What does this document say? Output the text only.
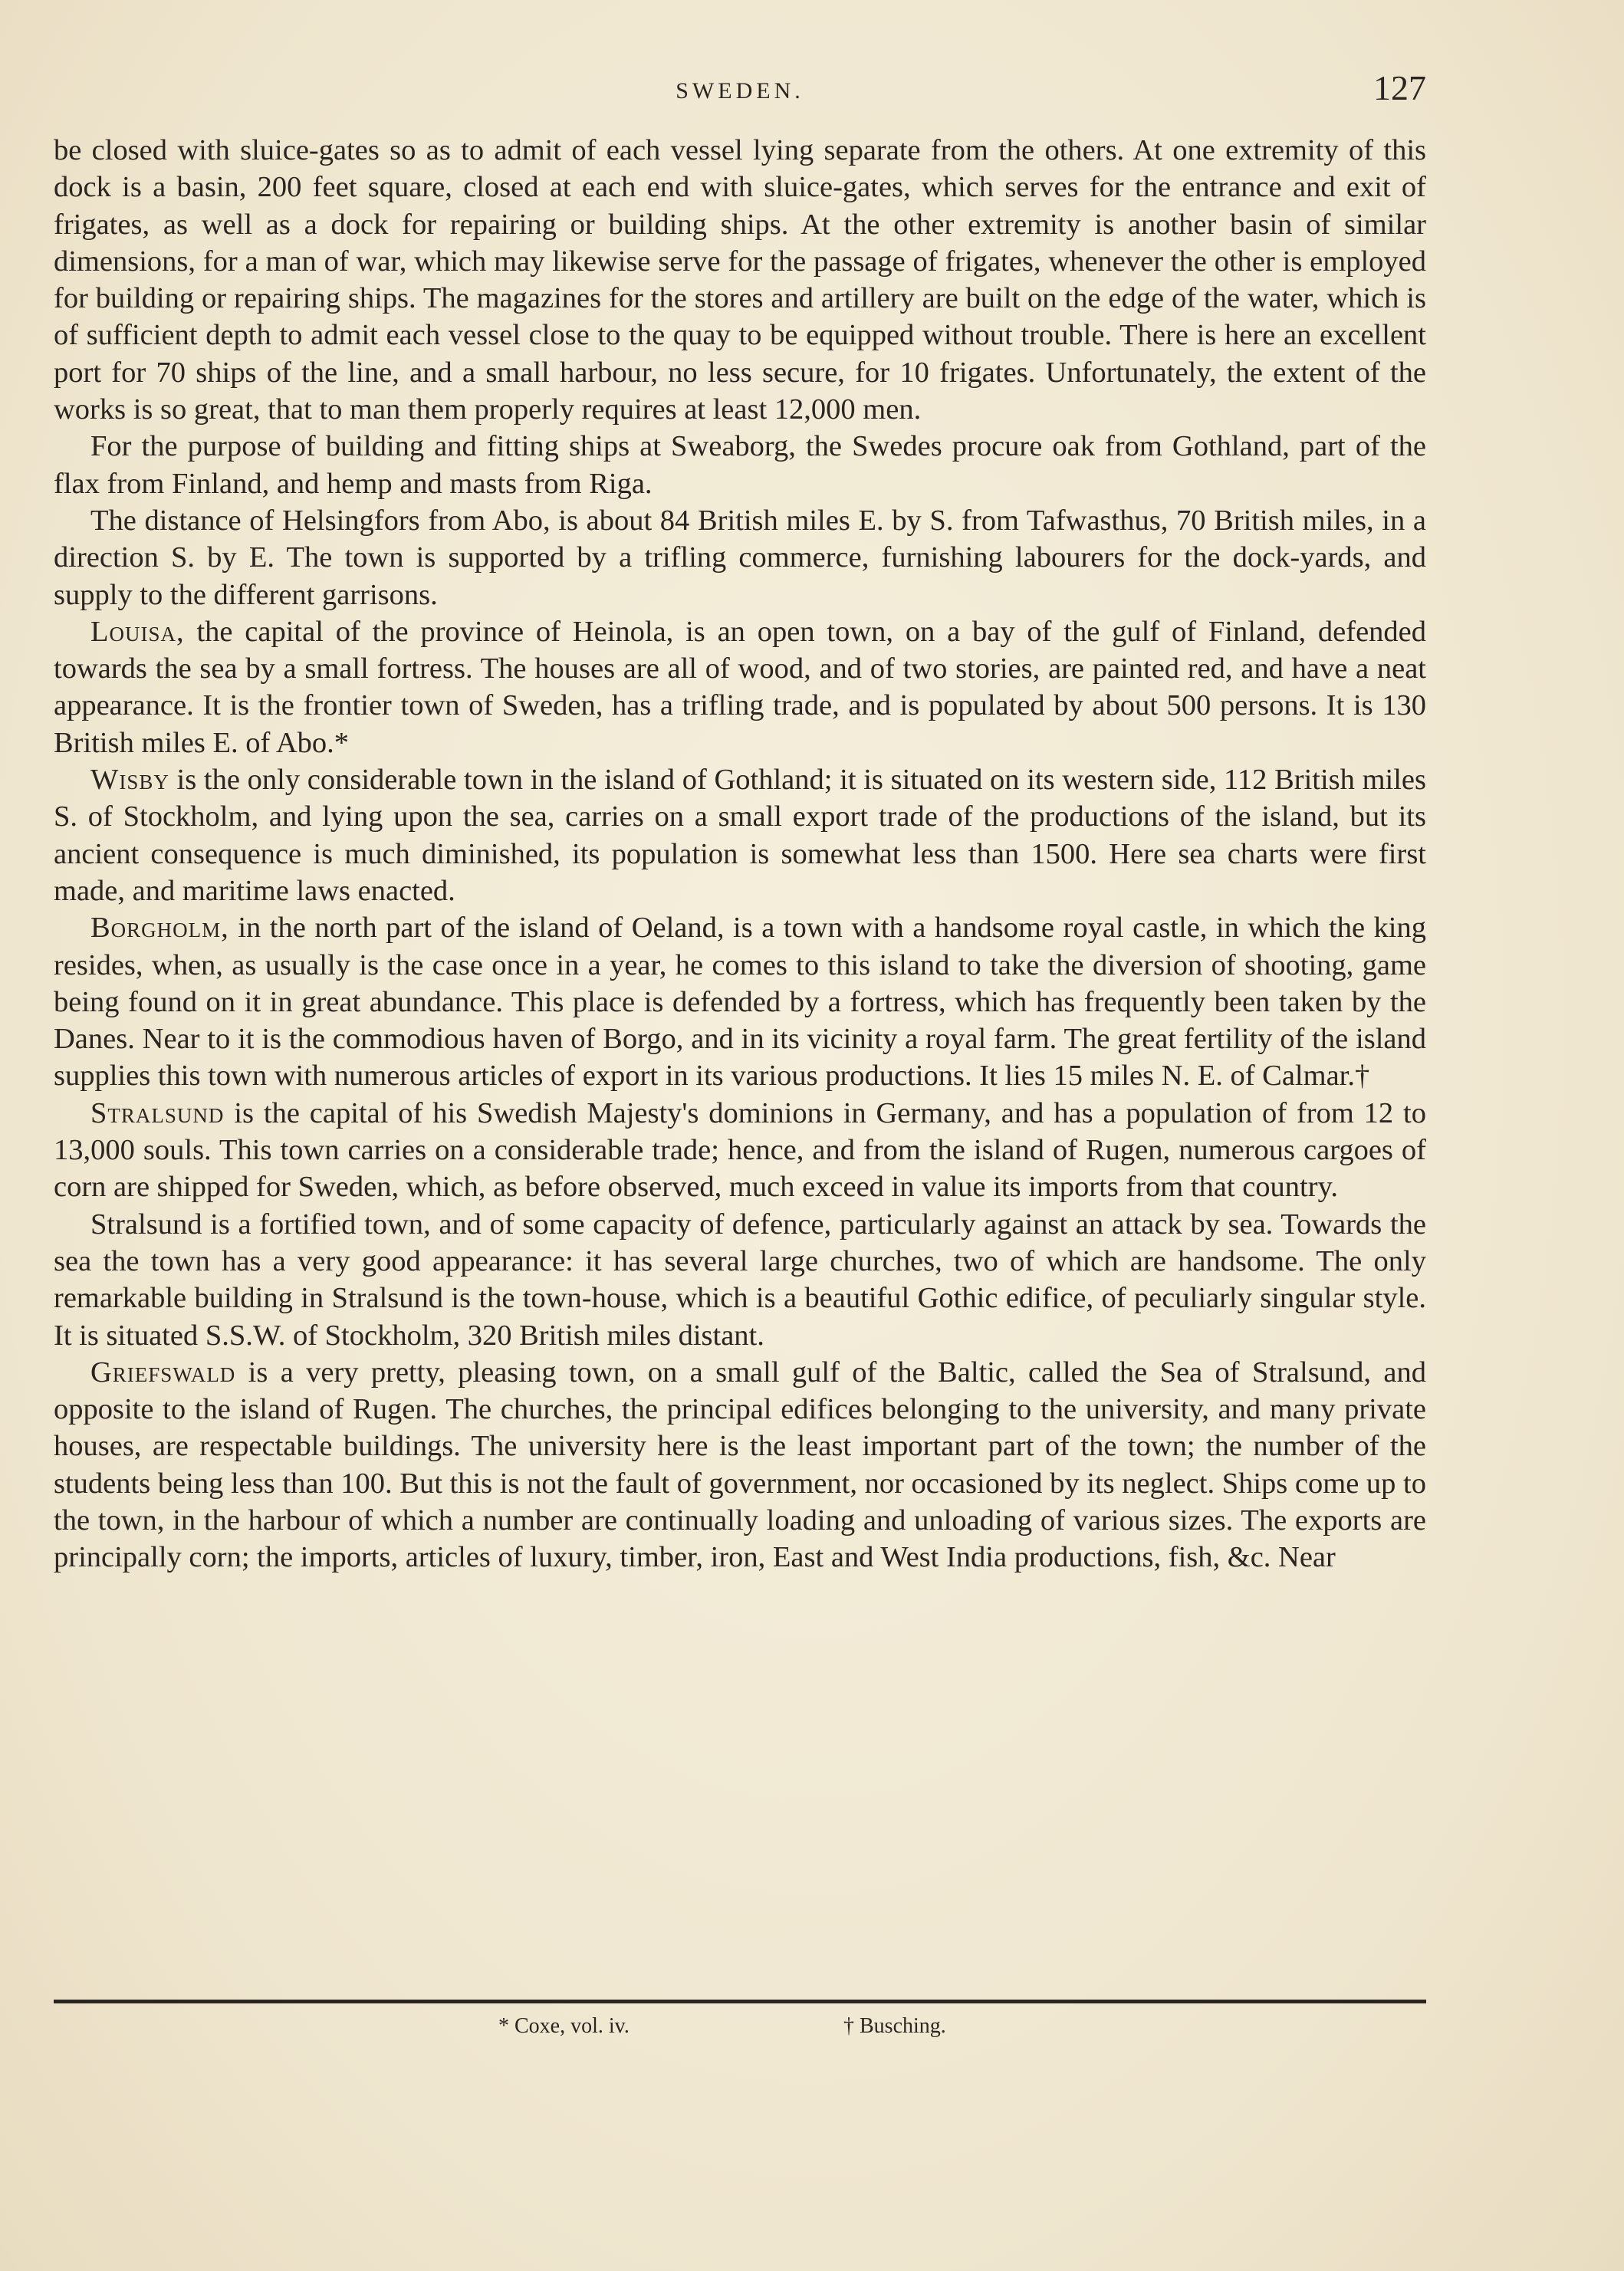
SWEDEN.	127

be closed with sluice-gates so as to admit of each vessel lying separate from the others. At one extremity of this dock is a basin, 200 feet square, closed at each end with sluice-gates, which serves for the entrance and exit of frigates, as well as a dock for repairing or building ships. At the other extremity is another basin of similar dimensions, for a man of war, which may likewise serve for the passage of frigates, whenever the other is employed for building or repairing ships. The magazines for the stores and artillery are built on the edge of the water, which is of sufficient depth to admit each vessel close to the quay to be equipped without trouble. There is here an excellent port for 70 ships of the line, and a small harbour, no less secure, for 10 frigates. Unfortunately, the extent of the works is so great, that to man them properly requires at least 12,000 men.

For the purpose of building and fitting ships at Sweaborg, the Swedes procure oak from Gothland, part of the flax from Finland, and hemp and masts from Riga.

The distance of Helsingfors from Abo, is about 84 British miles E. by S. from Tafwasthus, 70 British miles, in a direction S. by E. The town is supported by a trifling commerce, furnishing labourers for the dock-yards, and supply to the different garrisons.

Louisa, the capital of the province of Heinola, is an open town, on a bay of the gulf of Finland, defended towards the sea by a small fortress. The houses are all of wood, and of two stories, are painted red, and have a neat appearance. It is the frontier town of Sweden, has a trifling trade, and is populated by about 500 persons. It is 130 British miles E. of Abo.*

Wisby is the only considerable town in the island of Gothland; it is situated on its western side, 112 British miles S. of Stockholm, and lying upon the sea, carries on a small export trade of the productions of the island, but its ancient consequence is much diminished, its population is somewhat less than 1500. Here sea charts were first made, and maritime laws enacted.

Borgholm, in the north part of the island of Oeland, is a town with a handsome royal castle, in which the king resides, when, as usually is the case once in a year, he comes to this island to take the diversion of shooting, game being found on it in great abundance. This place is defended by a fortress, which has frequently been taken by the Danes. Near to it is the commodious haven of Borgo, and in its vicinity a royal farm. The great fertility of the island supplies this town with numerous articles of export in its various productions. It lies 15 miles N. E. of Calmar.†

Stralsund is the capital of his Swedish Majesty's dominions in Germany, and has a population of from 12 to 13,000 souls. This town carries on a considerable trade; hence, and from the island of Rugen, numerous cargoes of corn are shipped for Sweden, which, as before observed, much exceed in value its imports from that country.

Stralsund is a fortified town, and of some capacity of defence, particularly against an attack by sea. Towards the sea the town has a very good appearance: it has several large churches, two of which are handsome. The only remarkable building in Stralsund is the town-house, which is a beautiful Gothic edifice, of peculiarly singular style. It is situated S.S.W. of Stockholm, 320 British miles distant.

Griefswald is a very pretty, pleasing town, on a small gulf of the Baltic, called the Sea of Stralsund, and opposite to the island of Rugen. The churches, the principal edifices belonging to the university, and many private houses, are respectable buildings. The university here is the least important part of the town; the number of the students being less than 100. But this is not the fault of government, nor occasioned by its neglect. Ships come up to the town, in the harbour of which a number are continually loading and unloading of various sizes. The exports are principally corn; the imports, articles of luxury, timber, iron, East and West India productions, fish, &c. Near

* Coxe, vol. iv.	† Busching.
